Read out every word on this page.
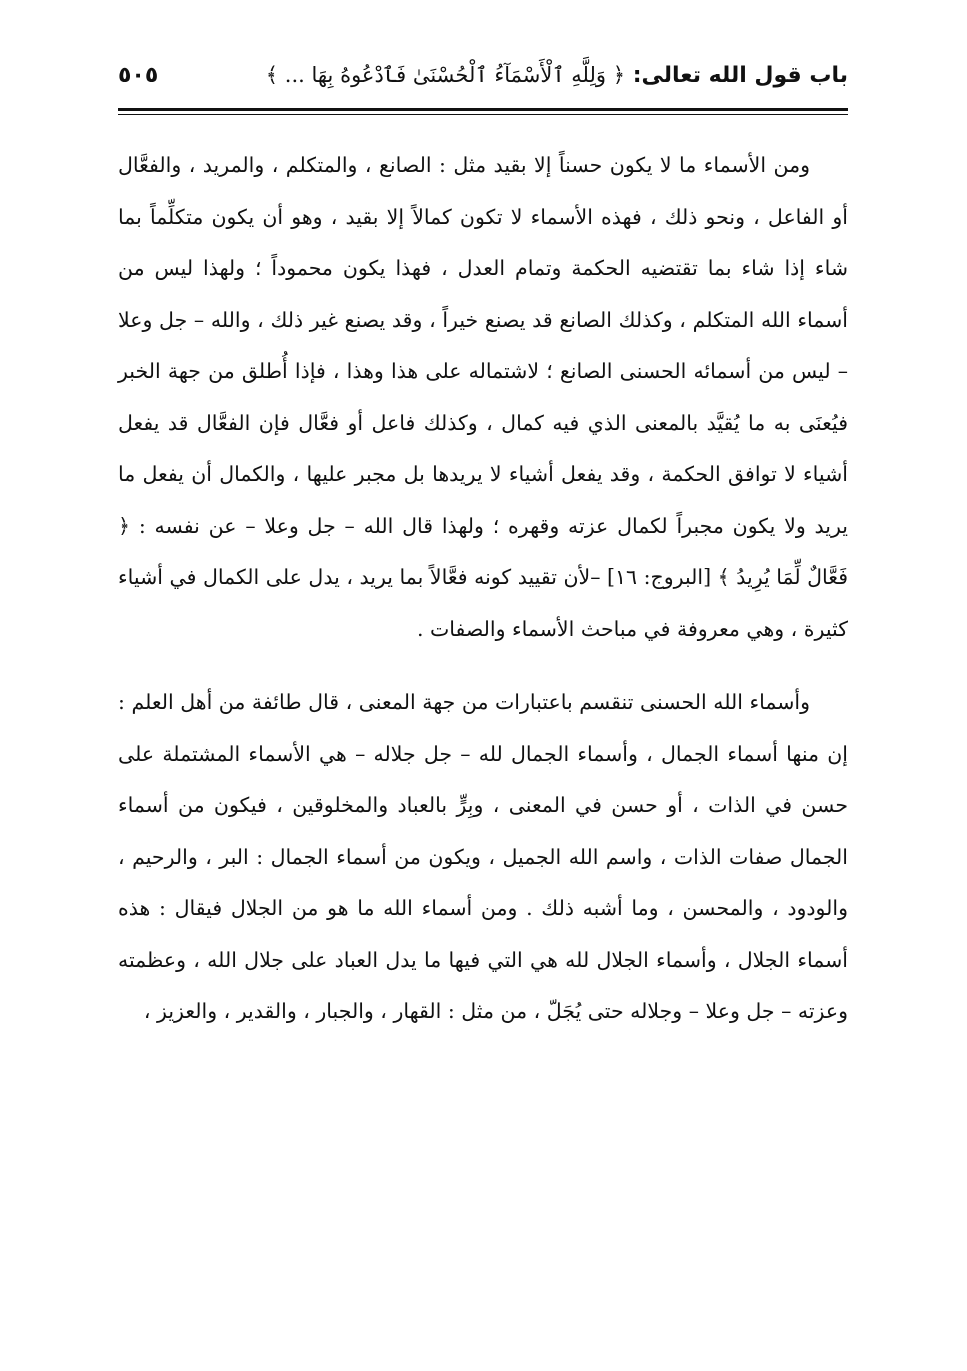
باب قول الله تعالى: ﴿ وَلِلَّهِ ٱلْأَسْمَآءُ ٱلْحُسْنَىٰ فَٱدْعُوهُ بِهَا ... ﴾
٥٠٥

ومن الأسماء ما لا يكون حسناً إلا بقيد مثل : الصانع ، والمتكلم ، والمريد ، والفعَّال أو الفاعل ، ونحو ذلك ، فهذه الأسماء لا تكون كمالاً إلا بقيد ، وهو أن يكون متكلِّماً بما شاء إذا شاء بما تقتضيه الحكمة وتمام العدل ، فهذا يكون محموداً ؛ ولهذا ليس من أسماء الله المتكلم ، وكذلك الصانع قد يصنع خيراً ، وقد يصنع غير ذلك ، والله – جل وعلا – ليس من أسمائه الحسنى الصانع ؛ لاشتماله على هذا وهذا ، فإذا أُطلق من جهة الخبر فيُعنَى به ما يُقيَّد بالمعنى الذي فيه كمال ، وكذلك فاعل أو فعَّال فإن الفعَّال قد يفعل أشياء لا توافق الحكمة ، وقد يفعل أشياء لا يريدها بل مجبر عليها ، والكمال أن يفعل ما يريد ولا يكون مجبراً لكمال عزته وقهره ؛ ولهذا قال الله – جل وعلا – عن نفسه : ﴿ فَعَّالٌ لِّمَا يُرِيدُ ﴾ [البروج: ١٦] –لأن تقييد كونه فعَّالاً بما يريد ، يدل على الكمال في أشياء كثيرة ، وهي معروفة في مباحث الأسماء والصفات .

وأسماء الله الحسنى تنقسم باعتبارات من جهة المعنى ، قال طائفة من أهل العلم : إن منها أسماء الجمال ، وأسماء الجمال لله – جل جلاله – هي الأسماء المشتملة على حسن في الذات ، أو حسن في المعنى ، وبِرٍّ بالعباد والمخلوقين ، فيكون من أسماء الجمال صفات الذات ، واسم الله الجميل ، ويكون من أسماء الجمال : البر ، والرحيم ، والودود ، والمحسن ، وما أشبه ذلك . ومن أسماء الله ما هو من الجلال فيقال : هذه أسماء الجلال ، وأسماء الجلال لله هي التي فيها ما يدل العباد على جلال الله ، وعظمته وعزته – جل وعلا – وجلاله حتى يُجَلّ ، من مثل : القهار ، والجبار ، والقدير ، والعزيز ،
